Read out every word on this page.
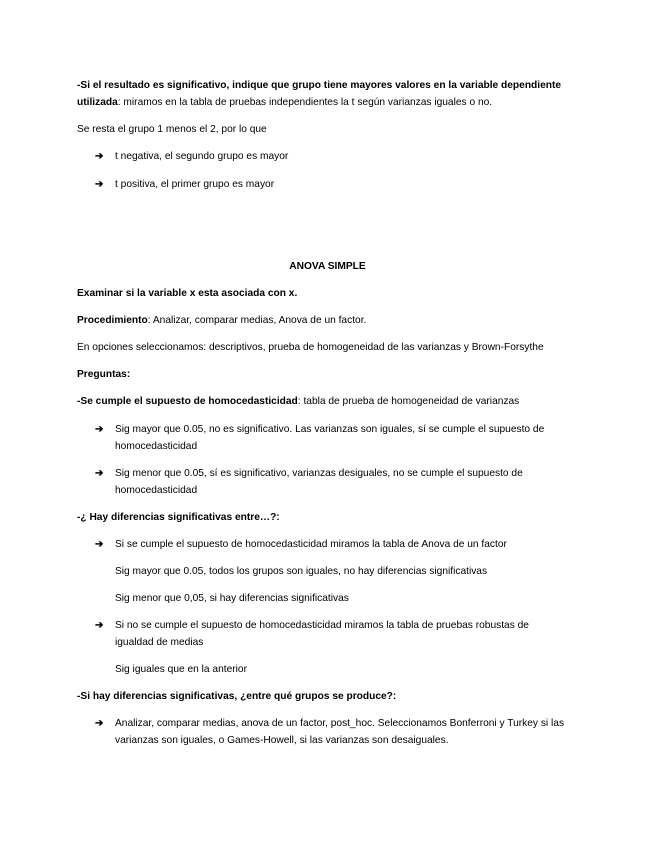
-Si el resultado es significativo, indique que grupo tiene mayores valores en la variable dependiente utilizada: miramos en la tabla de pruebas independientes la t según varianzas iguales o no.

Se resta el grupo 1 menos el 2, por lo que

➔	t negativa, el segundo grupo es mayor
➔	t positiva, el primer grupo es mayor

ANOVA SIMPLE

Examinar si la variable x esta asociada con x.

Procedimiento: Analizar, comparar medias, Anova de un factor.

En opciones seleccionamos: descriptivos, prueba de homogeneidad de las varianzas y Brown-Forsythe

Preguntas:

-Se cumple el supuesto de homocedasticidad: tabla de prueba de homogeneidad de varianzas

➔	Sig mayor que 0.05, no es significativo. Las varianzas son iguales, sí se cumple el supuesto de homocedasticidad
➔	Sig menor que 0.05, sí es significativo, varianzas desiguales, no se cumple el supuesto de homocedasticidad

-¿ Hay diferencias significativas entre…?:

➔	Si se cumple el supuesto de homocedasticidad miramos la tabla de Anova de un factor

Sig mayor que 0.05, todos los grupos son iguales, no hay diferencias significativas

Sig menor que 0,05, si hay diferencias significativas

➔	Si no se cumple el supuesto de homocedasticidad miramos la tabla de pruebas robustas de igualdad de medias

Sig iguales que en la anterior

-Si hay diferencias significativas, ¿entre qué grupos se produce?:

➔	Analizar, comparar medias, anova de un factor, post_hoc. Seleccionamos Bonferroni y Turkey si las varianzas son iguales, o Games-Howell, si las varianzas son desaiguales.
